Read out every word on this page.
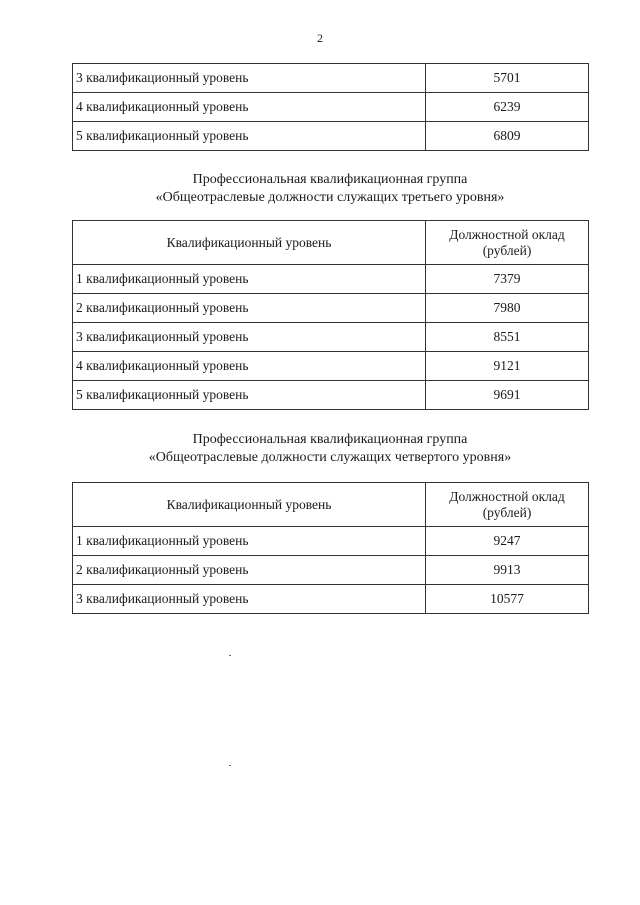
2
3 квалификационный уровень	5701
4 квалификационный уровень	6239
5 квалификационный уровень	6809
Профессиональная квалификационная группа
«Общеотраслевые должности служащих третьего уровня»
Квалификационный уровень	Должностной оклад
(рублей)

1 квалификационный уровень	7379
2 квалификационный уровень	7980
3 квалификационный уровень	8551
4 квалификационный уровень	9121
5 квалификационный уровень	9691
Профессиональная квалификационная группа
«Общеотраслевые должности служащих четвертого уровня»
Квалификационный уровень	Должностной оклад
(рублей)

1 квалификационный уровень	9247
2 квалификационный уровень	9913
3 квалификационный уровень	10577
